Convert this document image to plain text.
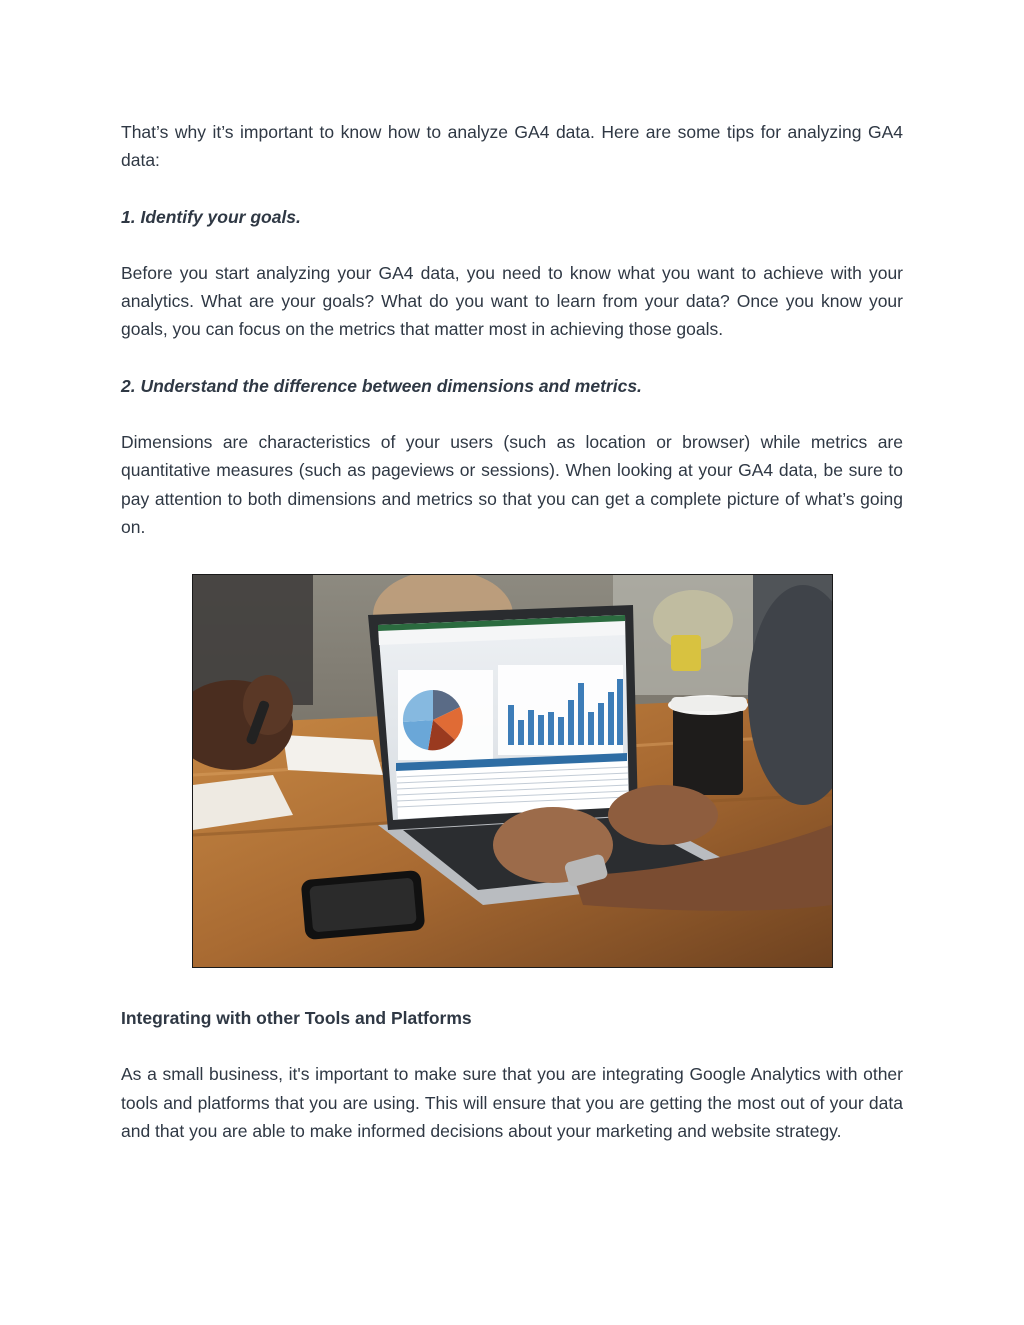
That’s why it’s important to know how to analyze GA4 data. Here are some tips for analyzing GA4 data:

1. Identify your goals.

Before you start analyzing your GA4 data, you need to know what you want to achieve with your analytics. What are your goals? What do you want to learn from your data? Once you know your goals, you can focus on the metrics that matter most in achieving those goals.

2. Understand the difference between dimensions and metrics.

Dimensions are characteristics of your users (such as location or browser) while metrics are quantitative measures (such as pageviews or sessions). When looking at your GA4 data, be sure to pay attention to both dimensions and metrics so that you can get a complete picture of what’s going on.

Integrating with other Tools and Platforms

As a small business, it's important to make sure that you are integrating Google Analytics with other tools and platforms that you are using. This will ensure that you are getting the most out of your data and that you are able to make informed decisions about your marketing and website strategy.
